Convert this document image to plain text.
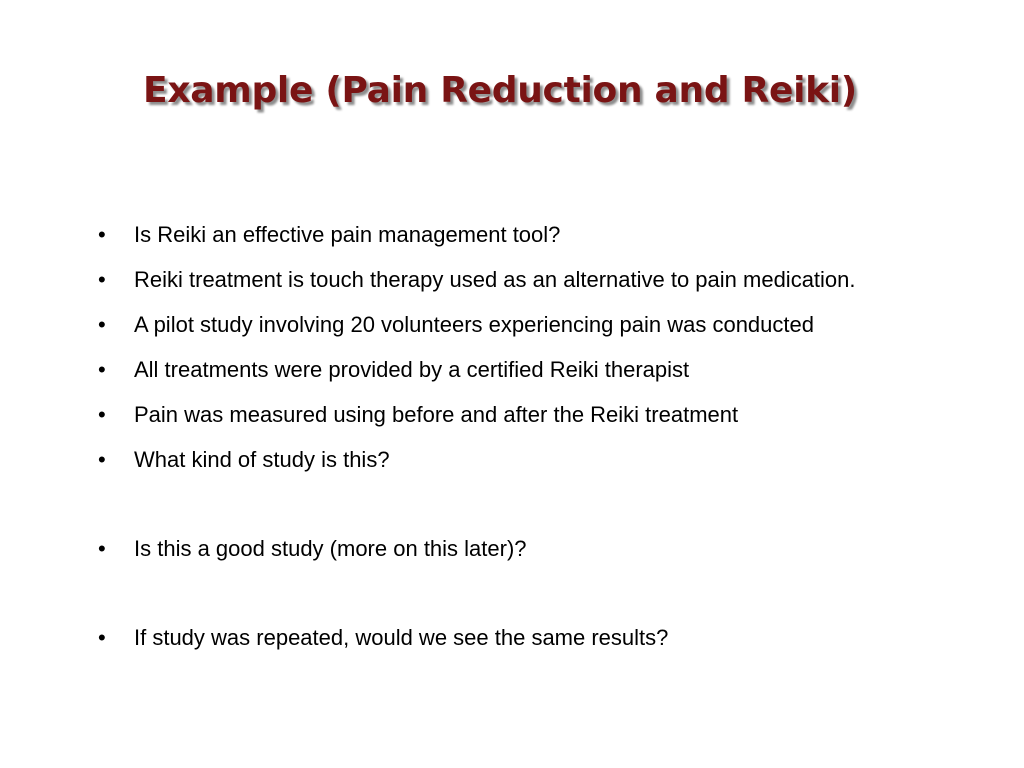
Example (Pain Reduction and Reiki)
•	Is Reiki an effective pain management tool?
•	Reiki treatment is touch therapy used as an alternative to pain medication.
•	A pilot study involving 20 volunteers experiencing pain was conducted
•	All treatments were provided by a certified Reiki therapist
•	Pain was measured using before and after the Reiki treatment
•	What kind of study is this?
•	Is this a good study (more on this later)?
•	If study was repeated, would we see the same results?
